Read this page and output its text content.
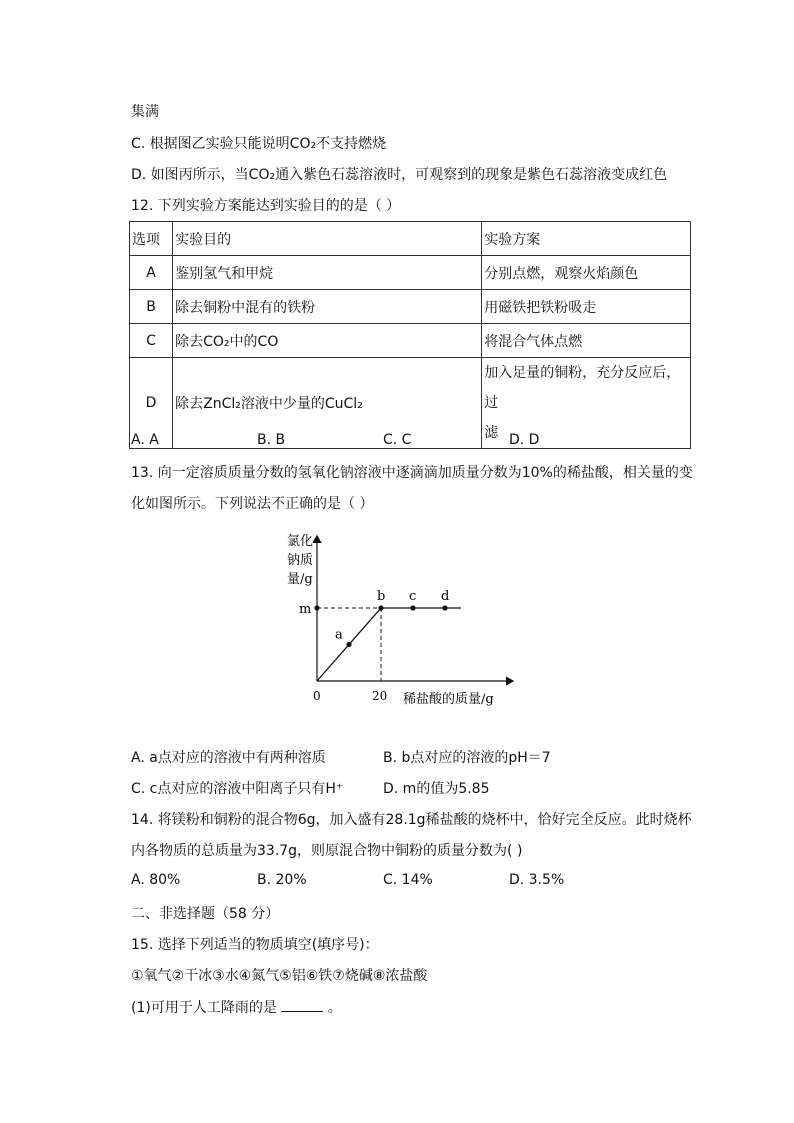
集满
C. 根据图乙实验只能说明CO₂不支持燃烧
D. 如图丙所示，当CO₂通入紫色石蕊溶液时，可观察到的现象是紫色石蕊溶液变成红色
12. 下列实验方案能达到实验目的的是（ ）
选项	实验目的	实验方案
A	鉴别氢气和甲烷	分别点燃，观察火焰颜色
B	除去铜粉中混有的铁粉	用磁铁把铁粉吸走
C	除去CO₂中的CO	将混合气体点燃
D	除去ZnCl₂溶液中少量的CuCl₂	加入足量的铜粉，充分反应后，过
滤
A. A	B. B	C. C	D. D
13. 向一定溶质质量分数的氢氧化钠溶液中逐滴滴加质量分数为10%的稀盐酸，相关量的变
化如图所示。下列说法不正确的是（ ）
氯化
钠质
量/g
0	20
m
稀盐酸的质量/g
a
b c d
A. a点对应的溶液中有两种溶质	B. b点对应的溶液的pH＝7
C. c点对应的溶液中阳离子只有H⁺	D. m的值为5.85
14. 将镁粉和铜粉的混合物6g，加入盛有28.1g稀盐酸的烧杯中，恰好完全反应。此时烧杯
内各物质的总质量为33.7g，则原混合物中铜粉的质量分数为( )
A. 80%	B. 20%	C. 14%	D. 3.5%
二、非选择题（58 分）
15. 选择下列适当的物质填空(填序号)：
①氧气②干冰③水④氮气⑤铝⑥铁⑦烧碱⑧浓盐酸
(1)可用于人工降雨的是	。
